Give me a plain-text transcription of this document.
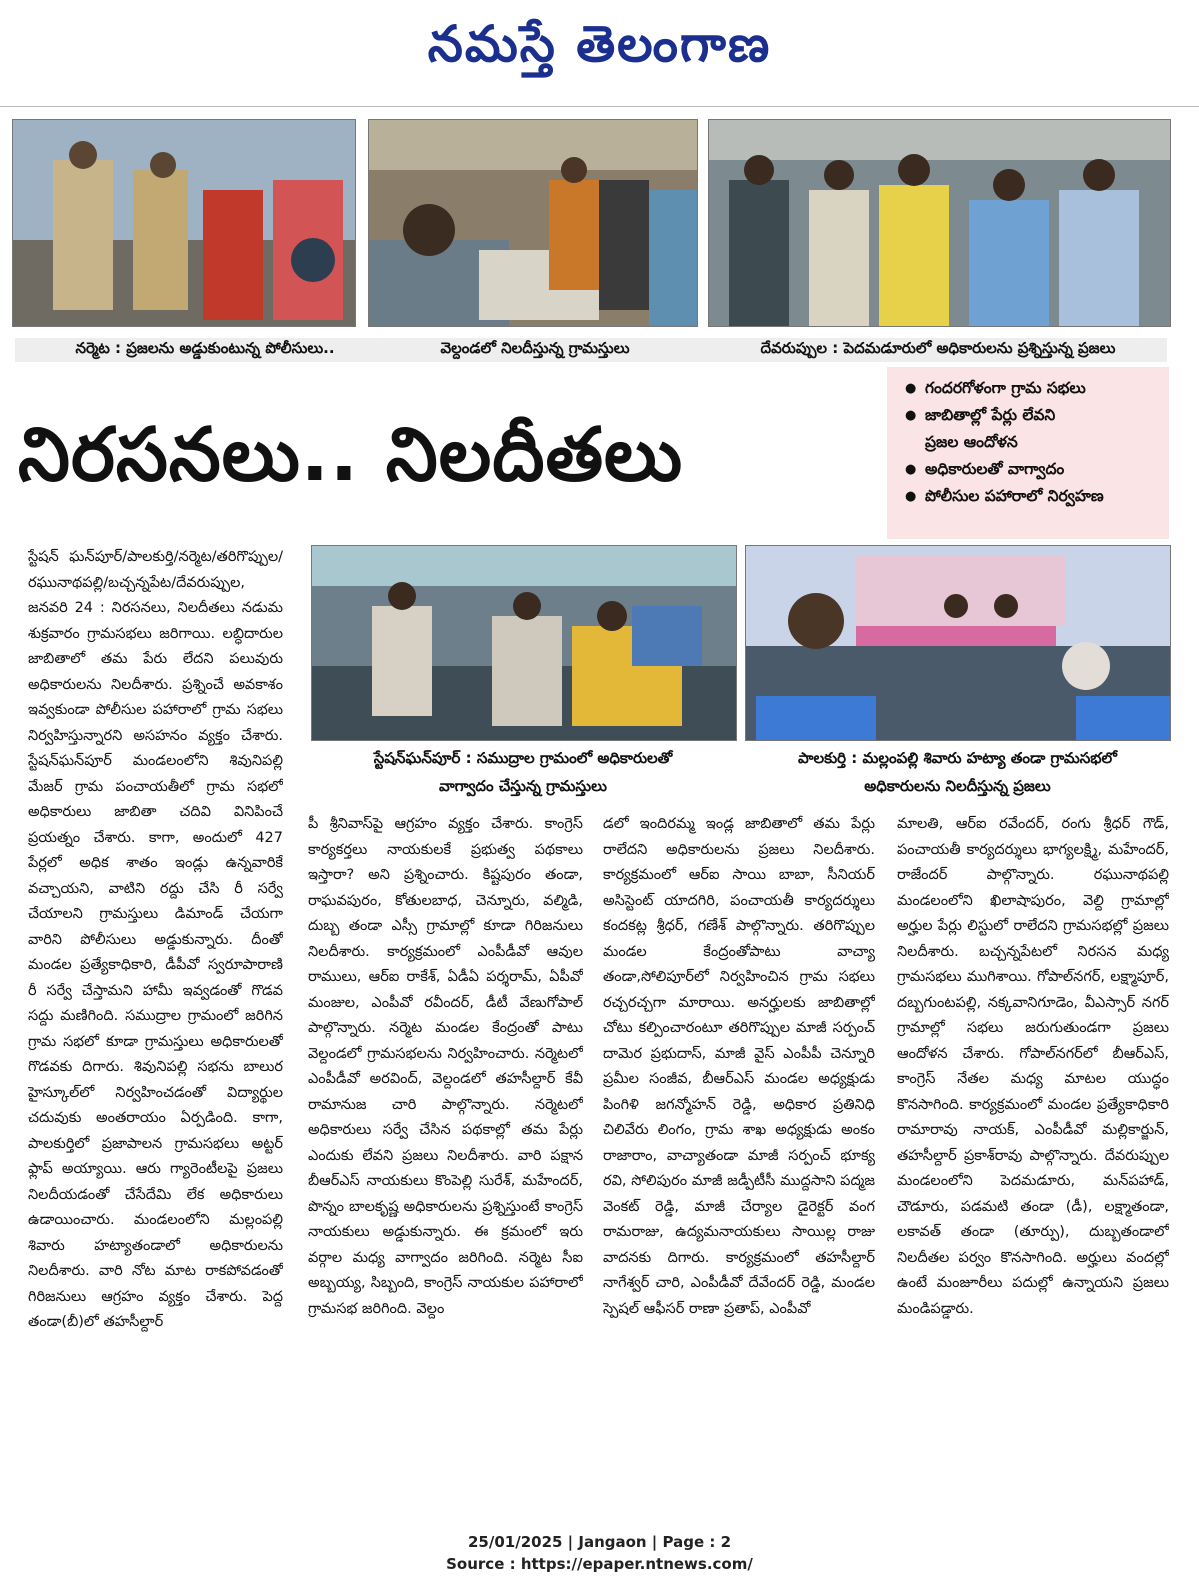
నమస్తే తెలంగాణ
నర్మెట : ప్రజలను అడ్డుకుంటున్న పోలీసులు..	వెల్దండలో నిలదీస్తున్న గ్రామస్తులు	దేవరుప్పుల : పెదమడూరులో అధికారులను ప్రశ్నిస్తున్న ప్రజలు
నిరసనలు.. నిలదీతలు
● గందరగోళంగా గ్రామ సభలు
● జాబితాల్లో పేర్లు లేవని
ప్రజల ఆందోళన
● అధికారులతో వాగ్వాదం
● పోలీసుల పహారాలో నిర్వహణ
స్టేషన్‌ఘన్‌పూర్ : సముద్రాల గ్రామంలో అధికారులతో
వాగ్వాదం చేస్తున్న గ్రామస్తులు
పాలకుర్తి : మల్లంపల్లి శివారు హట్యా తండా గ్రామసభలో
అధికారులను నిలదీస్తున్న ప్రజలు

స్టేషన్ ఘన్‌పూర్/పాలకుర్తి/నర్మెట/తరిగొప్పుల/రఘునాథపల్లి/బచ్చన్నపేట/దేవరుప్పుల, జనవరి 24 : నిరసనలు, నిలదీతలు నడుమ శుక్రవారం గ్రామసభలు జరిగాయి. లబ్ధిదారుల జాబితాలో తమ పేరు లేదని పలువురు అధికారులను నిలదీశారు. ప్రశ్నించే అవకాశం ఇవ్వకుండా పోలీసుల పహారాలో గ్రామ సభలు నిర్వహిస్తున్నారని అసహనం వ్యక్తం చేశారు. స్టేషన్‌ఘన్‌పూర్ మండలంలోని శివునిపల్లి మేజర్ గ్రామ పంచాయతీలో గ్రామ సభలో అధికారులు జాబితా చదివి వినిపించే ప్రయత్నం చేశారు. కాగా, అందులో 427 పేర్లలో అధిక శాతం ఇండ్లు ఉన్నవారికే వచ్చాయని, వాటిని రద్దు చేసి రీ సర్వే చేయాలని గ్రామస్తులు డిమాండ్ చేయగా వారిని పోలీసులు అడ్డుకున్నారు. దీంతో మండల ప్రత్యేకాధికారి, డీపీవో స్వరూపారాణి రీ సర్వే చేస్తామని హామీ ఇవ్వడంతో గొడవ సద్దు మణిగింది. సముద్రాల గ్రామంలో జరిగిన గ్రామ సభలో కూడా గ్రామస్తులు అధికారులతో గొడవకు దిగారు. శివునిపల్లి సభను బాలుర హైస్కూల్‌లో నిర్వహించడంతో విద్యార్థుల చదువుకు అంతరాయం ఏర్పడింది. కాగా, పాలకుర్తిలో ప్రజాపాలన గ్రామసభలు అట్టర్ ఫ్లాప్ అయ్యాయి. ఆరు గ్యారెంటీలపై ప్రజలు నిలదీయడంతో చేసేదేమి లేక అధికారులు ఉడాయించారు. మండలంలోని మల్లంపల్లి శివారు హట్యాతండాలో అధికారులను నిలదీశారు. వారి నోట మాట రాకపోవడంతో గిరిజనులు ఆగ్రహం వ్యక్తం చేశారు. పెద్ద తండా(బీ)లో తహసీల్దార్

పీ శ్రీనివాస్‌పై ఆగ్రహం వ్యక్తం చేశారు. కాంగ్రెస్ కార్యకర్తలు నాయకులకే ప్రభుత్వ పథకాలు ఇస్తారా? అని ప్రశ్నించారు. కిష్టపురం తండా, రాఘవపురం, కోతులబాధ, చెన్నూరు, వల్మిడి, దుబ్బ తండా ఎస్సీ గ్రామాల్లో కూడా గిరిజనులు నిలదీశారు. కార్యక్రమంలో ఎంపీడీవో ఆవుల రాములు, ఆర్ఐ రాకేశ్, ఏడీఏ పర్శరామ్, ఏపీవో మంజుల, ఎంపీవో రవీందర్, డీటీ వేణుగోపాల్ పాల్గొన్నారు. నర్మెట మండల కేంద్రంతో పాటు వెల్దండలో గ్రామసభలను నిర్వహించారు. నర్మెటలో ఎంపీడీవో అరవింద్, వెల్దండలో తహసీల్దార్ కేవీ రామానుజ చారి పాల్గొన్నారు. నర్మెటలో అధికారులు సర్వే చేసిన పథకాల్లో తమ పేర్లు ఎందుకు లేవని ప్రజలు నిలదీశారు. వారి పక్షాన బీఆర్ఎస్ నాయకులు కొంపెల్లి సురేశ్, మహేందర్, పొన్నం బాలకృష్ణ అధికారులను ప్రశ్నిస్తుంటే కాంగ్రెస్ నాయకులు అడ్డుకున్నారు. ఈ క్రమంలో ఇరు వర్గాల మధ్య వాగ్వాదం జరిగింది. నర్మెట సీఐ అబ్బయ్య, సిబ్బంది, కాంగ్రెస్ నాయకుల పహారాలో గ్రామసభ జరిగింది. వెల్దం

డలో ఇందిరమ్మ ఇండ్ల జాబితాలో తమ పేర్లు రాలేదని అధికారులను ప్రజలు నిలదీశారు. కార్యక్రమంలో ఆర్ఐ సాయి బాబా, సీనియర్ అసిస్టెంట్ యాదగిరి, పంచాయతీ కార్యదర్శులు కందకట్ల శ్రీధర్, గణేశ్ పాల్గొన్నారు. తరిగొప్పుల మండల కేంద్రంతోపాటు వాచ్యా తండా,సోలిపూర్‌లో నిర్వహించిన గ్రామ సభలు రచ్చరచ్చగా మారాయి. అనర్హులకు జాబితాల్లో చోటు కల్పించారంటూ తరిగొప్పుల మాజీ సర్పంచ్ దామెర ప్రభుదాస్, మాజీ వైస్ ఎంపీపీ చెన్నూరి ప్రమీల సంజీవ, బీఆర్ఎస్ మండల అధ్యక్షుడు పింగిళి జగన్మోహన్ రెడ్డి, అధికార ప్రతినిధి చిలివేరు లింగం, గ్రామ శాఖ అధ్యక్షుడు అంకం రాజారాం, వాచ్యాతండా మాజీ సర్పంచ్ భూక్య రవి, సోలిపురం మాజీ జడ్పీటీసీ ముద్దసాని పద్మజ వెంకట్ రెడ్డి, మాజీ చేర్యాల డైరెక్టర్ వంగ రామరాజు, ఉద్యమనాయకులు సాయిల్ల రాజు వాదనకు దిగారు. కార్యక్రమంలో తహసీల్దార్ నాగేశ్వర్ చారి, ఎంపీడీవో దేవేందర్ రెడ్డి, మండల స్పెషల్ ఆఫీసర్ రాణా ప్రతాప్, ఎంపీవో

మాలతి, ఆర్ఐ రవేందర్, రంగు శ్రీధర్ గౌడ్, పంచాయతీ కార్యదర్శులు భాగ్యలక్ష్మి, మహేందర్, రాజేందర్ పాల్గొన్నారు. రఘునాథపల్లి మండలంలోని ఖిలాషాపురం, వెల్ది గ్రామాల్లో అర్హుల పేర్లు లిస్టులో రాలేదని గ్రామసభల్లో ప్రజలు నిలదీశారు. బచ్చన్నపేటలో నిరసన మధ్య గ్రామసభలు ముగిశాయి. గోపాల్‌నగర్, లక్ష్మాపూర్, దబ్బగుంటపల్లి, నక్కవానిగూడెం, వీఎస్సార్ నగర్ గ్రామాల్లో సభలు జరుగుతుండగా ప్రజలు ఆందోళన చేశారు. గోపాల్‌నగర్‌లో బీఆర్ఎస్, కాంగ్రెస్ నేతల మధ్య మాటల యుద్ధం కొనసాగింది. కార్యక్రమంలో మండల ప్రత్యేకాధికారి రామారావు నాయక్, ఎంపీడీవో మల్లికార్జున్, తహసీల్దార్ ప్రకాశ్‌రావు పాల్గొన్నారు. దేవరుప్పుల మండలంలోని పెదమడూరు, మన్‌పహాడ్, చౌడూరు, పడమటి తండా (డీ), లక్ష్మాతండా, లకావత్ తండా (తూర్పు), దుబ్బతండాలో నిలదీతల పర్వం కొనసాగింది. అర్హులు వందల్లో ఉంటే మంజూరీలు పదుల్లో ఉన్నాయని ప్రజలు మండిపడ్డారు.

25/01/2025 | Jangaon | Page : 2
Source : https://epaper.ntnews.com/
